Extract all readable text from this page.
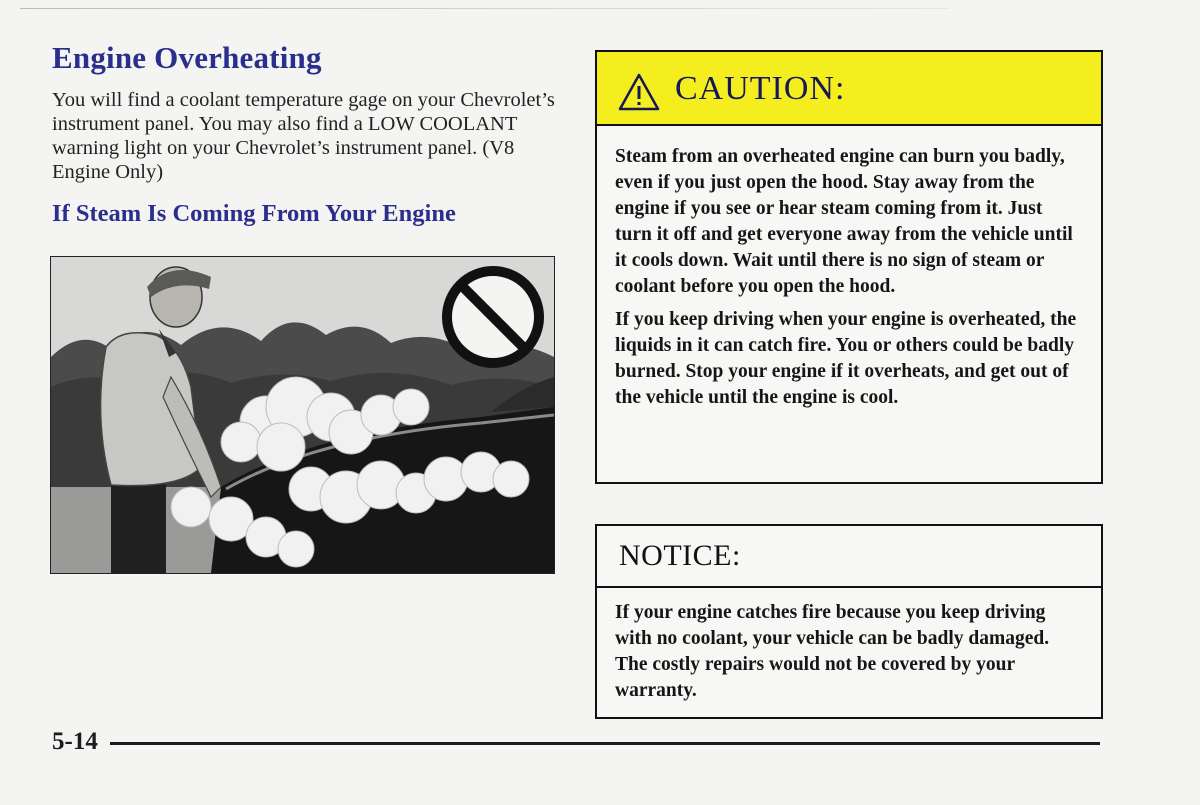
Engine Overheating

You will find a coolant temperature gage on your Chevrolet’s instrument panel. You may also find a LOW COOLANT warning light on your Chevrolet’s instrument panel. (V8 Engine Only)

If Steam Is Coming From Your Engine
CAUTION:

Steam from an overheated engine can burn you badly, even if you just open the hood. Stay away from the engine if you see or hear steam coming from it. Just turn it off and get everyone away from the vehicle until it cools down. Wait until there is no sign of steam or coolant before you open the hood.

If you keep driving when your engine is overheated, the liquids in it can catch fire. You or others could be badly burned. Stop your engine if it overheats, and get out of the vehicle until the engine is cool.

NOTICE:

If your engine catches fire because you keep driving with no coolant, your vehicle can be badly damaged. The costly repairs would not be covered by your warranty.

5-14
